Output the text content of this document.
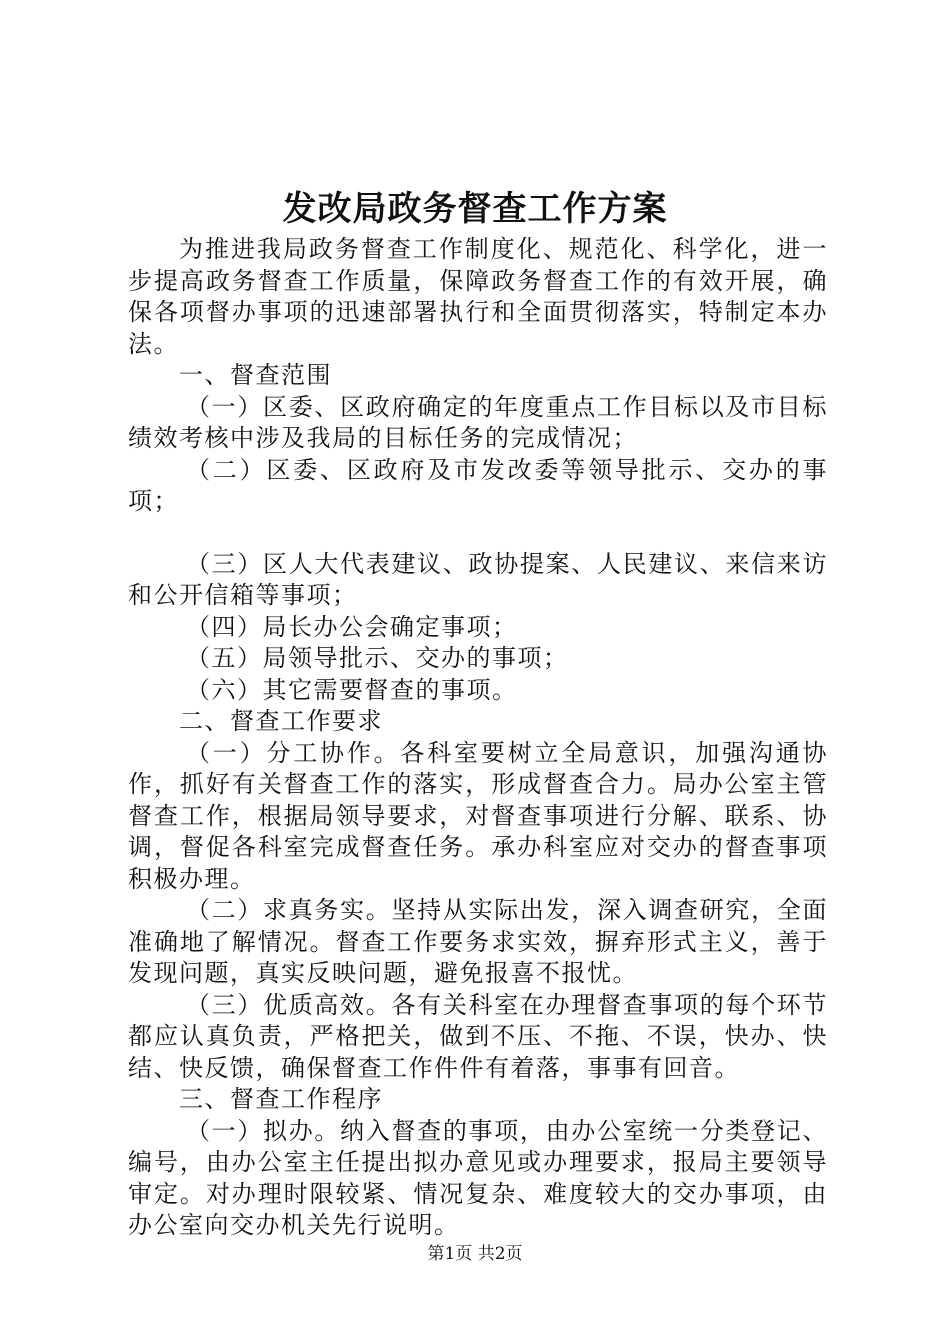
发改局政务督查工作方案

为推进我局政务督查工作制度化、规范化、科学化，进一步提高政务督查工作质量，保障政务督查工作的有效开展，确保各项督办事项的迅速部署执行和全面贯彻落实，特制定本办法。

一、督查范围

（一）区委、区政府确定的年度重点工作目标以及市目标绩效考核中涉及我局的目标任务的完成情况；

（二）区委、区政府及市发改委等领导批示、交办的事项；

（三）区人大代表建议、政协提案、人民建议、来信来访和公开信箱等事项；

（四）局长办公会确定事项；

（五）局领导批示、交办的事项；

（六）其它需要督查的事项。

二、督查工作要求

（一）分工协作。各科室要树立全局意识，加强沟通协作，抓好有关督查工作的落实，形成督查合力。局办公室主管督查工作，根据局领导要求，对督查事项进行分解、联系、协调，督促各科室完成督查任务。承办科室应对交办的督查事项积极办理。

（二）求真务实。坚持从实际出发，深入调查研究，全面准确地了解情况。督查工作要务求实效，摒弃形式主义，善于发现问题，真实反映问题，避免报喜不报忧。

（三）优质高效。各有关科室在办理督查事项的每个环节都应认真负责，严格把关，做到不压、不拖、不误，快办、快结、快反馈，确保督查工作件件有着落，事事有回音。

三、督查工作程序

（一）拟办。纳入督查的事项，由办公室统一分类登记、编号，由办公室主任提出拟办意见或办理要求，报局主要领导审定。对办理时限较紧、情况复杂、难度较大的交办事项，由办公室向交办机关先行说明。

第1页 共2页
